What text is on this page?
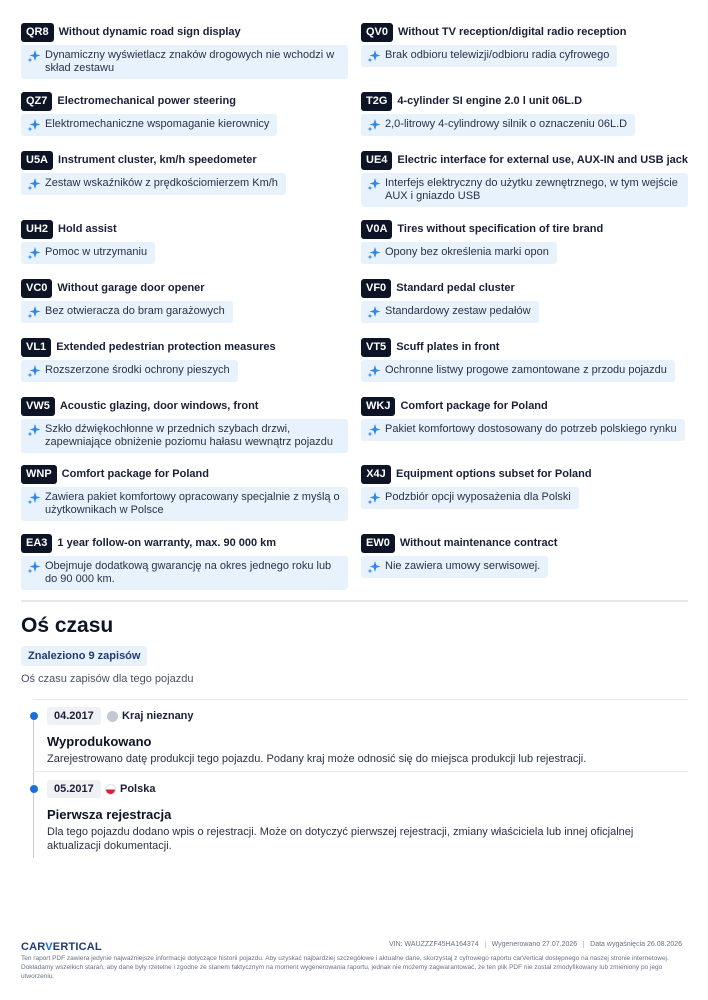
QR8 Without dynamic road sign display
Dynamiczny wyświetlacz znaków drogowych nie wchodzi w skład zestawu
QV0 Without TV reception/digital radio reception
Brak odbioru telewizji/odbioru radia cyfrowego
QZ7 Electromechanical power steering
Elektromechaniczne wspomaganie kierownicy
T2G 4-cylinder SI engine 2.0 l unit 06L.D
2,0-litrowy 4-cylindrowy silnik o oznaczeniu 06L.D
U5A Instrument cluster, km/h speedometer
Zestaw wskaźników z prędkościomierzem Km/h
UE4 Electric interface for external use, AUX-IN and USB jack
Interfejs elektryczny do użytku zewnętrznego, w tym wejście AUX i gniazdo USB
UH2 Hold assist
Pomoc w utrzymaniu
V0A Tires without specification of tire brand
Opony bez określenia marki opon
VC0 Without garage door opener
Bez otwieracza do bram garażowych
VF0 Standard pedal cluster
Standardowy zestaw pedałów
VL1 Extended pedestrian protection measures
Rozszerzone środki ochrony pieszych
VT5 Scuff plates in front
Ochronne listwy progowe zamontowane z przodu pojazdu
VW5 Acoustic glazing, door windows, front
Szkło dźwiękochłonne w przednich szybach drzwi, zapewniające obniżenie poziomu hałasu wewnątrz pojazdu
WKJ Comfort package for Poland
Pakiet komfortowy dostosowany do potrzeb polskiego rynku
WNP Comfort package for Poland
Zawiera pakiet komfortowy opracowany specjalnie z myślą o użytkownikach w Polsce
X4J Equipment options subset for Poland
Podzbiór opcji wyposażenia dla Polski
EA3 1 year follow-on warranty, max. 90 000 km
Obejmuje dodatkową gwarancję na okres jednego roku lub do 90 000 km.
EW0 Without maintenance contract
Nie zawiera umowy serwisowej.
Oś czasu
Znaleziono 9 zapisów
Oś czasu zapisów dla tego pojazdu
04.2017	Kraj nieznany
Wyprodukowano
Zarejestrowano datę produkcji tego pojazdu. Podany kraj może odnosić się do miejsca produkcji lub rejestracji.
05.2017	Polska
Pierwsza rejestracja
Dla tego pojazdu dodano wpis o rejestracji. Może on dotyczyć pierwszej rejestracji, zmiany właściciela lub innej oficjalnej aktualizacji dokumentacji.
CARVERTICAL	VIN: WAUZZZF45HA164374	Wygenerowano 27.07.2026	Data wygaśnięcia 26.08.2026
Ten raport PDF zawiera jedynie najważniejsze informacje dotyczące historii pojazdu. Aby uzyskać najbardziej szczegółowe i aktualne dane, skorzystaj z cyfrowego raportu carVertical dostępnego na naszej stronie internetowej. Dokładamy wszelkich starań, aby dane były rzetelne i zgodne ze stanem faktycznym na moment wygenerowania raportu, jednak nie możemy zagwarantować, że ten plik PDF nie został zmodyfikowany lub zmieniony po jego utworzeniu.
